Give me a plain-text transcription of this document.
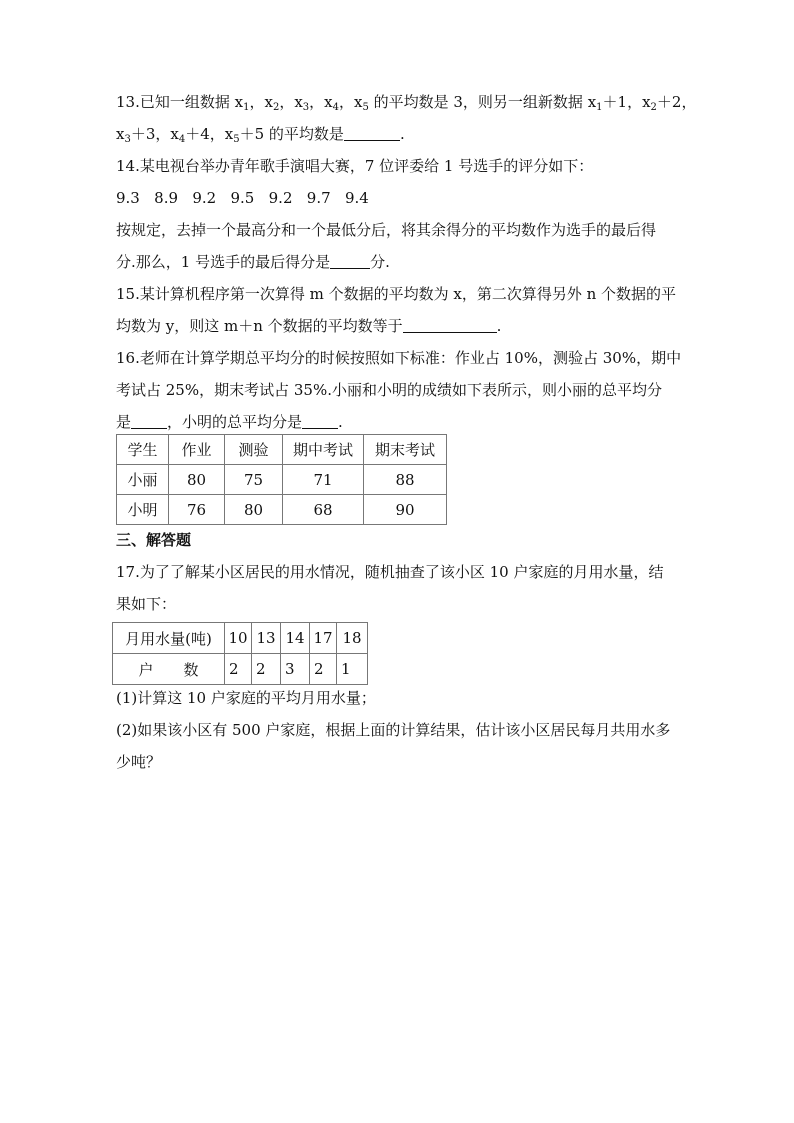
13.已知一组数据 $x_1$，$x_2$，$x_3$，$x_4$，$x_5$ 的平均数是 3，则另一组新数据 $x_1+1$，$x_2+2$，
$x_3+3$，$x_4+4$，$x_5+5$ 的平均数是	.
14.某电视台举办青年歌手演唱大赛，7 位评委给 1 号选手的评分如下：
9.3   8.9   9.2   9.5   9.2   9.7   9.4
按规定，去掉一个最高分和一个最低分后，将其余得分的平均数作为选手的最后得
分.那么，1 号选手的最后得分是	分.
15.某计算机程序第一次算得 m 个数据的平均数为 x，第二次算得另外 n 个数据的平
均数为 y，则这 m＋n 个数据的平均数等于	.
16.老师在计算学期总平均分的时候按照如下标准：作业占 10%，测验占 30%，期中
考试占 25%，期末考试占 35%.小丽和小明的成绩如下表所示，则小丽的总平均分
是 ，小明的总平均分是 .
学生	作业	测验	期中考试	期末考试
小丽	80	75	71	88
小明	76	80	68	90
三、解答题
17.为了了解某小区居民的用水情况，随机抽查了该小区 10 户家庭的月用水量，结
果如下：
月用水量(吨)	10	13	14	17	18
户　　数	2	2	3	2	1
(1)计算这 10 户家庭的平均月用水量；
(2)如果该小区有 500 户家庭，根据上面的计算结果，估计该小区居民每月共用水多
少吨？
